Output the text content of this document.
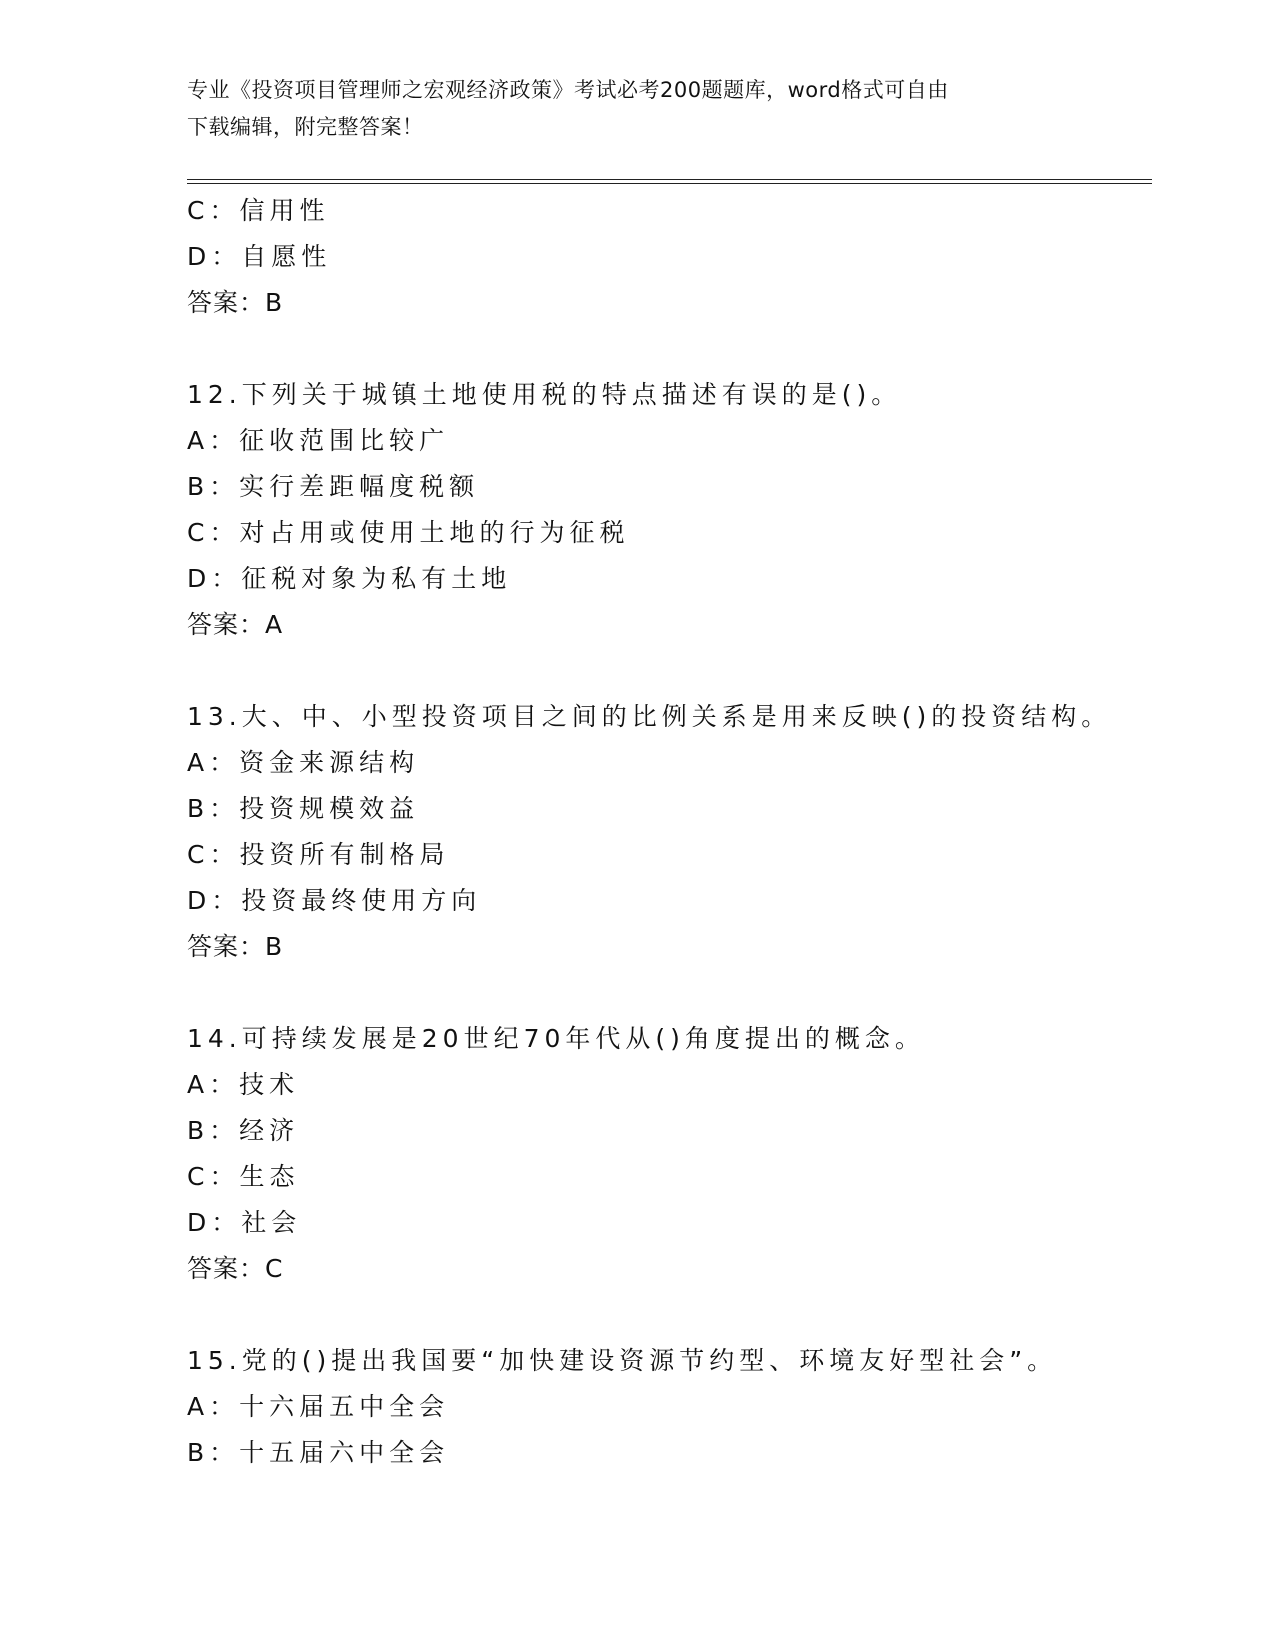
专业《投资项目管理师之宏观经济政策》考试必考200题题库，word格式可自由
下载编辑，附完整答案！
C：信用性
D：自愿性
答案：B
12.下列关于城镇土地使用税的特点描述有误的是()。
A：征收范围比较广
B：实行差距幅度税额
C：对占用或使用土地的行为征税
D：征税对象为私有土地
答案：A
13.大、中、小型投资项目之间的比例关系是用来反映()的投资结构。
A：资金来源结构
B：投资规模效益
C：投资所有制格局
D：投资最终使用方向
答案：B
14.可持续发展是20世纪70年代从()角度提出的概念。
A：技术
B：经济
C：生态
D：社会
答案：C
15.党的()提出我国要“加快建设资源节约型、环境友好型社会”。
A：十六届五中全会
B：十五届六中全会
